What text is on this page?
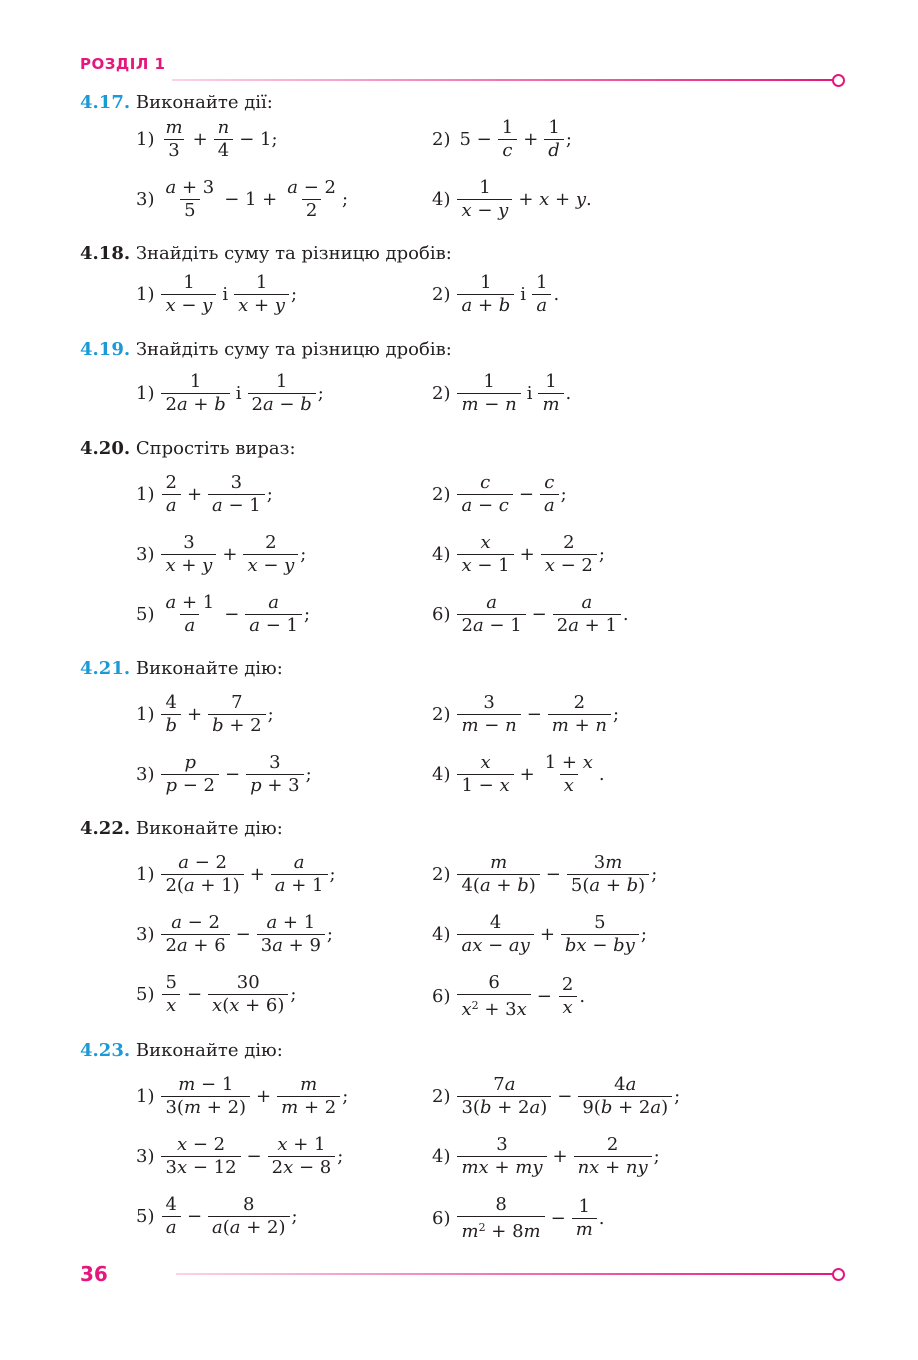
РОЗДІЛ 1
4.17. Виконайте дії:
$1) \frac{m}{3} + \frac{n}{4} - 1$;	2) $5 - \frac{1}{c} + \frac{1}{d}$ ;
$3) \frac{a + 3}{5} - 1 + \frac{a - 2}{2}$ ;	$4) \frac{1}{x - y} + x + y$.
4.18. Знайдіть суму та різницю дробів:
$1) \frac{1}{x - y}$ і $\frac{1}{x + y}$ ;	$2) \frac{1}{a + b}$ і $\frac{1}{a}$ .
4.19. Знайдіть суму та різницю дробів:
$1) \frac{1}{2a + b}$ і $\frac{1}{2a - b}$ ;	$2) \frac{1}{m - n}$ і $\frac{1}{m}$ .
4.20. Спростіть вираз:
$1) \frac{2}{a} + \frac{3}{a - 1}$ ;	$2) \frac{c}{a - c} - \frac{c}{a}$ ;
$3) \frac{3}{x + y} + \frac{2}{x - y}$ ;	$4) \frac{x}{x - 1} + \frac{2}{x - 2}$ ;
$5) \frac{a + 1}{a} - \frac{a}{a - 1}$ ;	$6) \frac{a}{2a - 1} - \frac{a}{2a + 1}$ .
4.21. Виконайте дію:
$1) \frac{4}{b} + \frac{7}{b + 2}$ ;	$2) \frac{3}{m - n} - \frac{2}{m + n}$ ;
$3) \frac{p}{p - 2} - \frac{3}{p + 3}$ ;	$4) \frac{x}{1 - x} + \frac{1 + x}{x}$ .
4.22. Виконайте дію:
$1) \frac{a - 2}{2(a + 1)} + \frac{a}{a + 1}$ ;	$2) \frac{m}{4(a + b)} - \frac{3m}{5(a + b)}$ ;
$3) \frac{a - 2}{2a + 6} - \frac{a + 1}{3a + 9}$ ;	$4) \frac{4}{ax - ay} + \frac{5}{bx - by}$ ;
$5) \frac{5}{x} - \frac{30}{x(x + 6)}$ ;	$6) \frac{6}{x^2 + 3x} - \frac{2}{x}$ .
4.23. Виконайте дію:
$1) \frac{m - 1}{3(m + 2)} + \frac{m}{m + 2}$ ;	$2) \frac{7a}{3(b + 2a)} - \frac{4a}{9(b + 2a)}$ ;
$3) \frac{x - 2}{3x - 12} - \frac{x + 1}{2x - 8}$ ;	$4) \frac{3}{mx + my} + \frac{2}{nx + ny}$ ;
$5) \frac{4}{a} - \frac{8}{a(a + 2)}$ ;	$6) \frac{8}{m^2 + 8m} - \frac{1}{m}$ .
36
